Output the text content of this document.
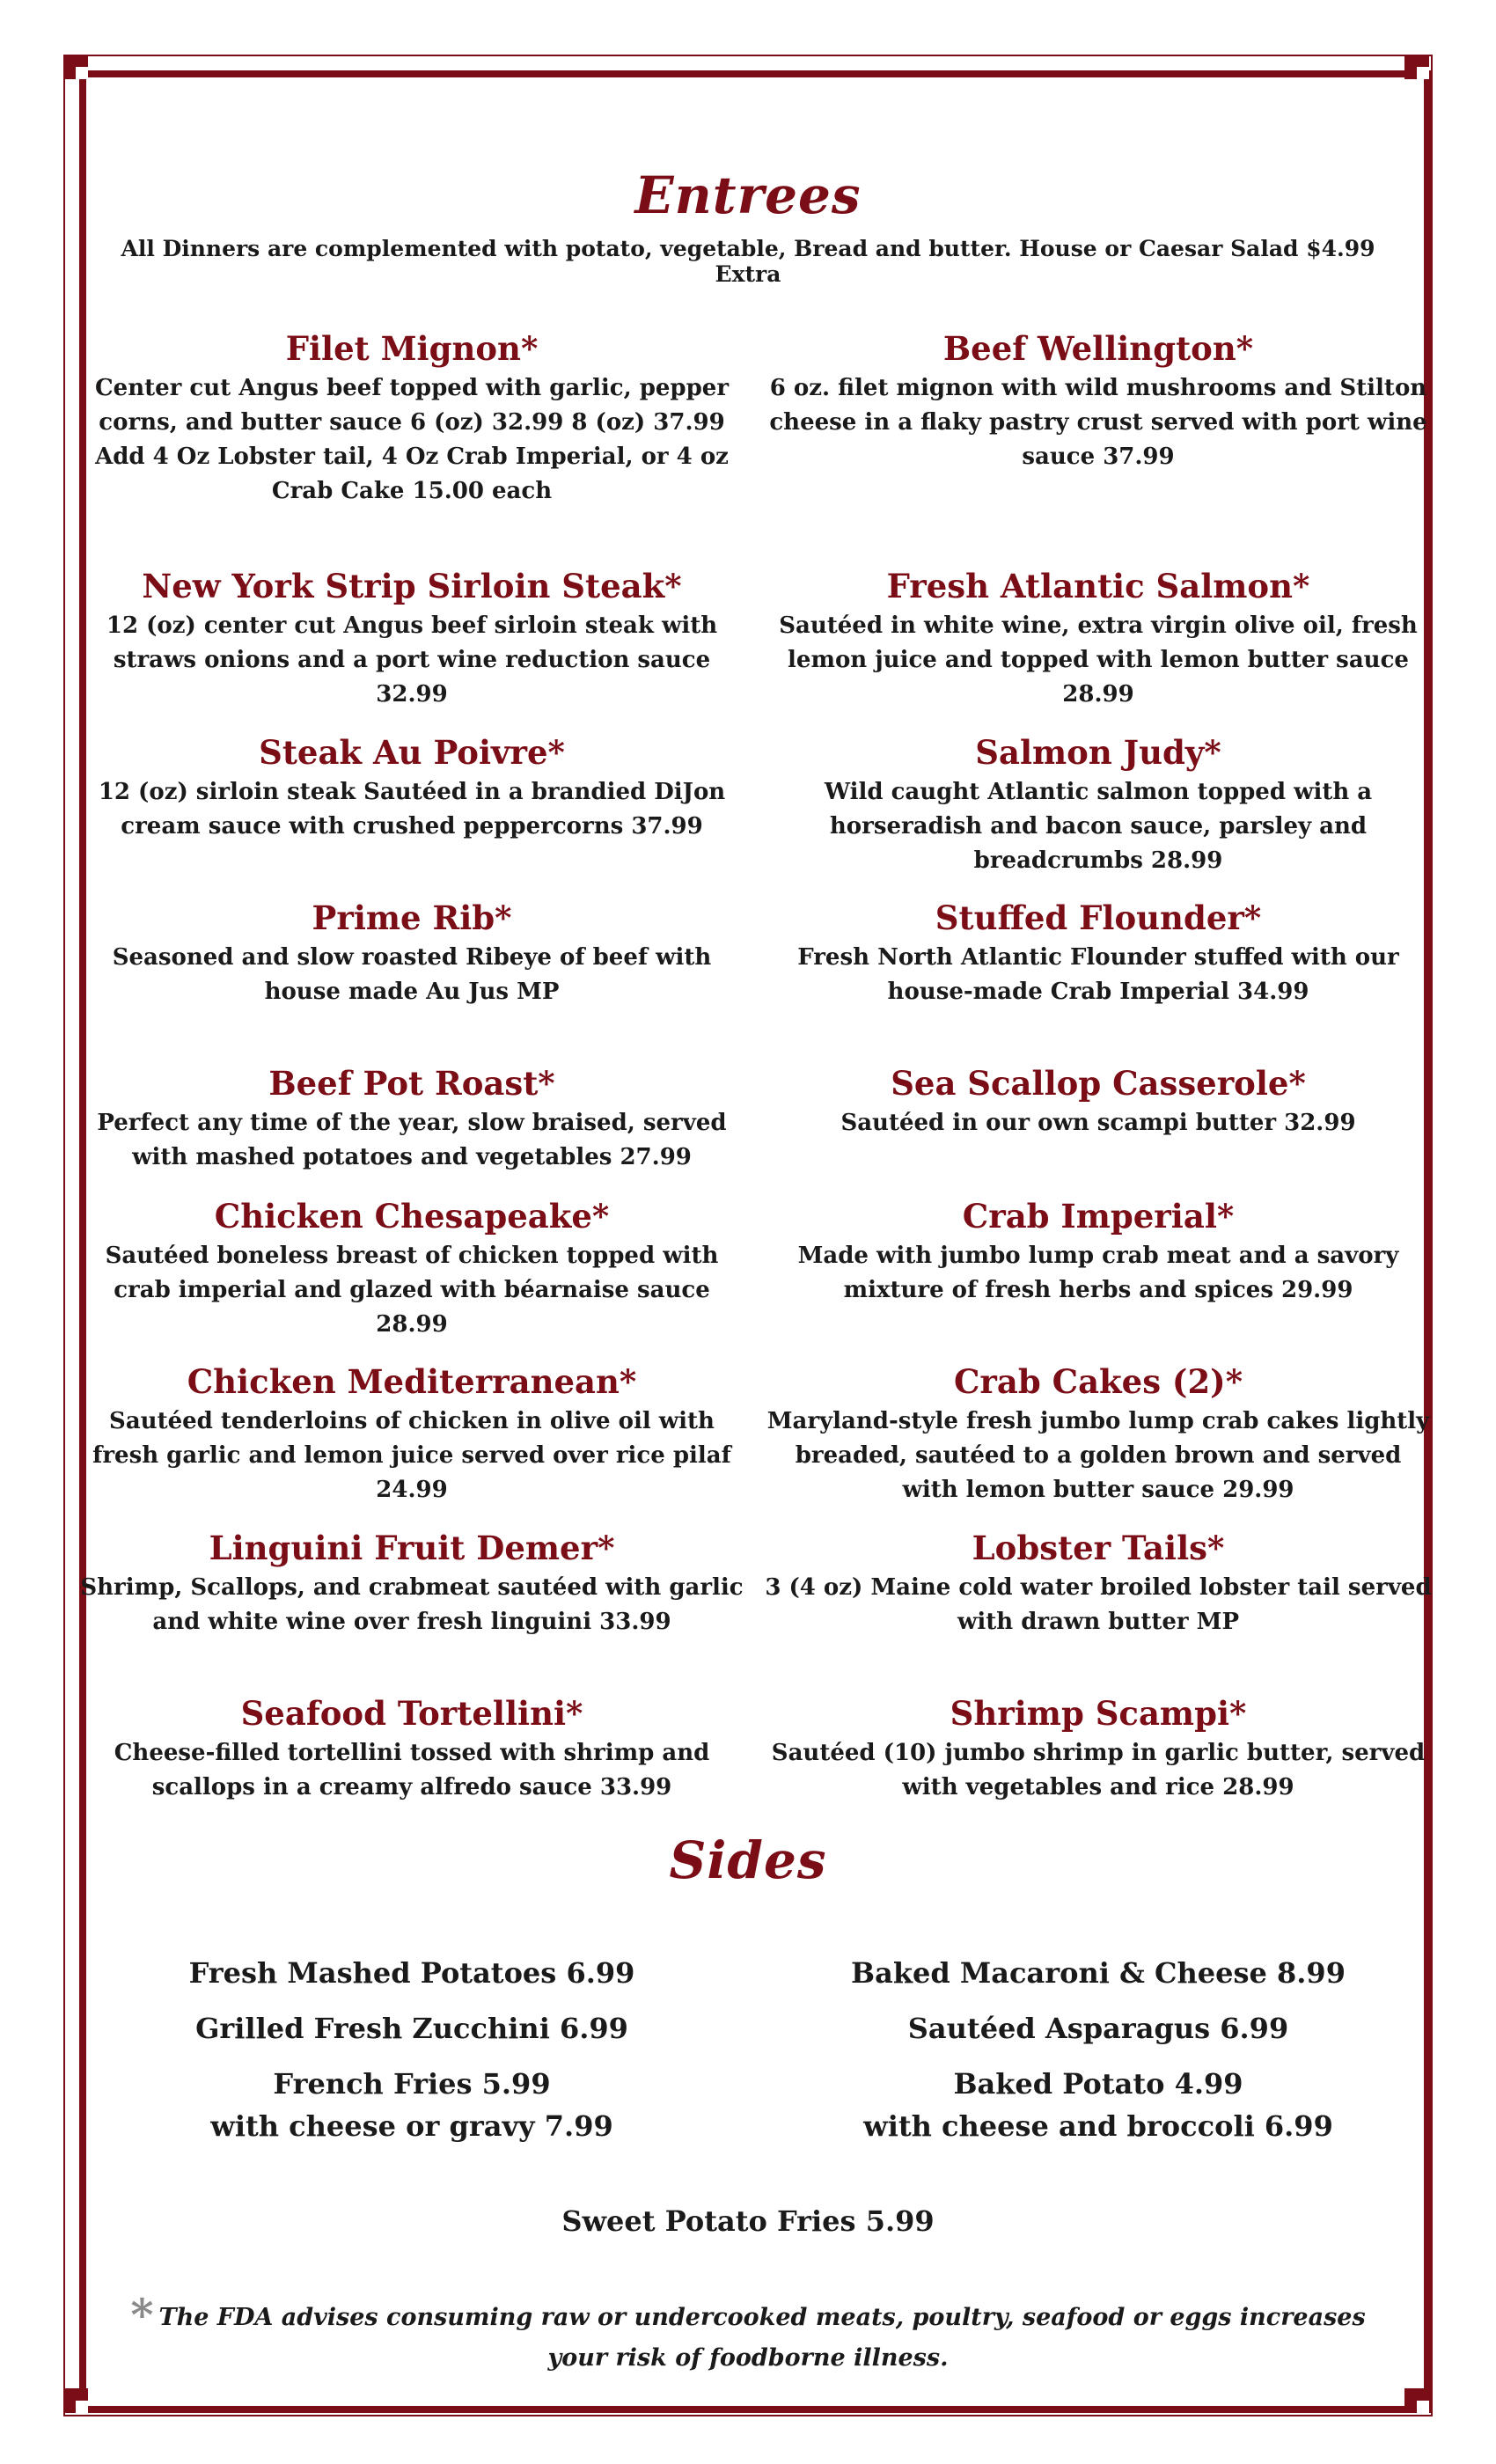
Entrees
All Dinners are complemented with potato, vegetable, Bread and butter. House or Caesar Salad $4.99 Extra
Filet Mignon*
Center cut Angus beef topped with garlic, pepper corns, and butter sauce 6 (oz) 32.99 8 (oz) 37.99 Add 4 Oz Lobster tail, 4 Oz Crab Imperial, or 4 oz Crab Cake 15.00 each
New York Strip Sirloin Steak*
12 (oz) center cut Angus beef sirloin steak with straws onions and a port wine reduction sauce 32.99
Steak Au Poivre*
12 (oz) sirloin steak Sautéed in a brandied DiJon cream sauce with crushed peppercorns 37.99
Prime Rib*
Seasoned and slow roasted Ribeye of beef with house made Au Jus MP
Beef Pot Roast*
Perfect any time of the year, slow braised, served with mashed potatoes and vegetables 27.99
Chicken Chesapeake*
Sautéed boneless breast of chicken topped with crab imperial and glazed with béarnaise sauce 28.99
Chicken Mediterranean*
Sautéed tenderloins of chicken in olive oil with fresh garlic and lemon juice served over rice pilaf 24.99
Linguini Fruit Demer*
Shrimp, Scallops, and crabmeat sautéed with garlic and white wine over fresh linguini 33.99
Seafood Tortellini*
Cheese-filled tortellini tossed with shrimp and scallops in a creamy alfredo sauce 33.99
Beef Wellington*
6 oz. filet mignon with wild mushrooms and Stilton cheese in a flaky pastry crust served with port wine sauce 37.99
Fresh Atlantic Salmon*
Sautéed in white wine, extra virgin olive oil, fresh lemon juice and topped with lemon butter sauce 28.99
Salmon Judy*
Wild caught Atlantic salmon topped with a horseradish and bacon sauce, parsley and breadcrumbs 28.99
Stuffed Flounder*
Fresh North Atlantic Flounder stuffed with our house-made Crab Imperial 34.99
Sea Scallop Casserole*
Sautéed in our own scampi butter 32.99
Crab Imperial*
Made with jumbo lump crab meat and a savory mixture of fresh herbs and spices 29.99
Crab Cakes (2)*
Maryland-style fresh jumbo lump crab cakes lightly breaded, sautéed to a golden brown and served with lemon butter sauce 29.99
Lobster Tails*
3 (4 oz) Maine cold water broiled lobster tail served with drawn butter MP
Shrimp Scampi*
Sautéed (10) jumbo shrimp in garlic butter, served with vegetables and rice 28.99
Sides
Fresh Mashed Potatoes 6.99
Grilled Fresh Zucchini 6.99
French Fries 5.99
with cheese or gravy 7.99
Baked Macaroni & Cheese 8.99
Sautéed Asparagus 6.99
Baked Potato 4.99
with cheese and broccoli 6.99
Sweet Potato Fries 5.99
* The FDA advises consuming raw or undercooked meats, poultry, seafood or eggs increases
your risk of foodborne illness.
